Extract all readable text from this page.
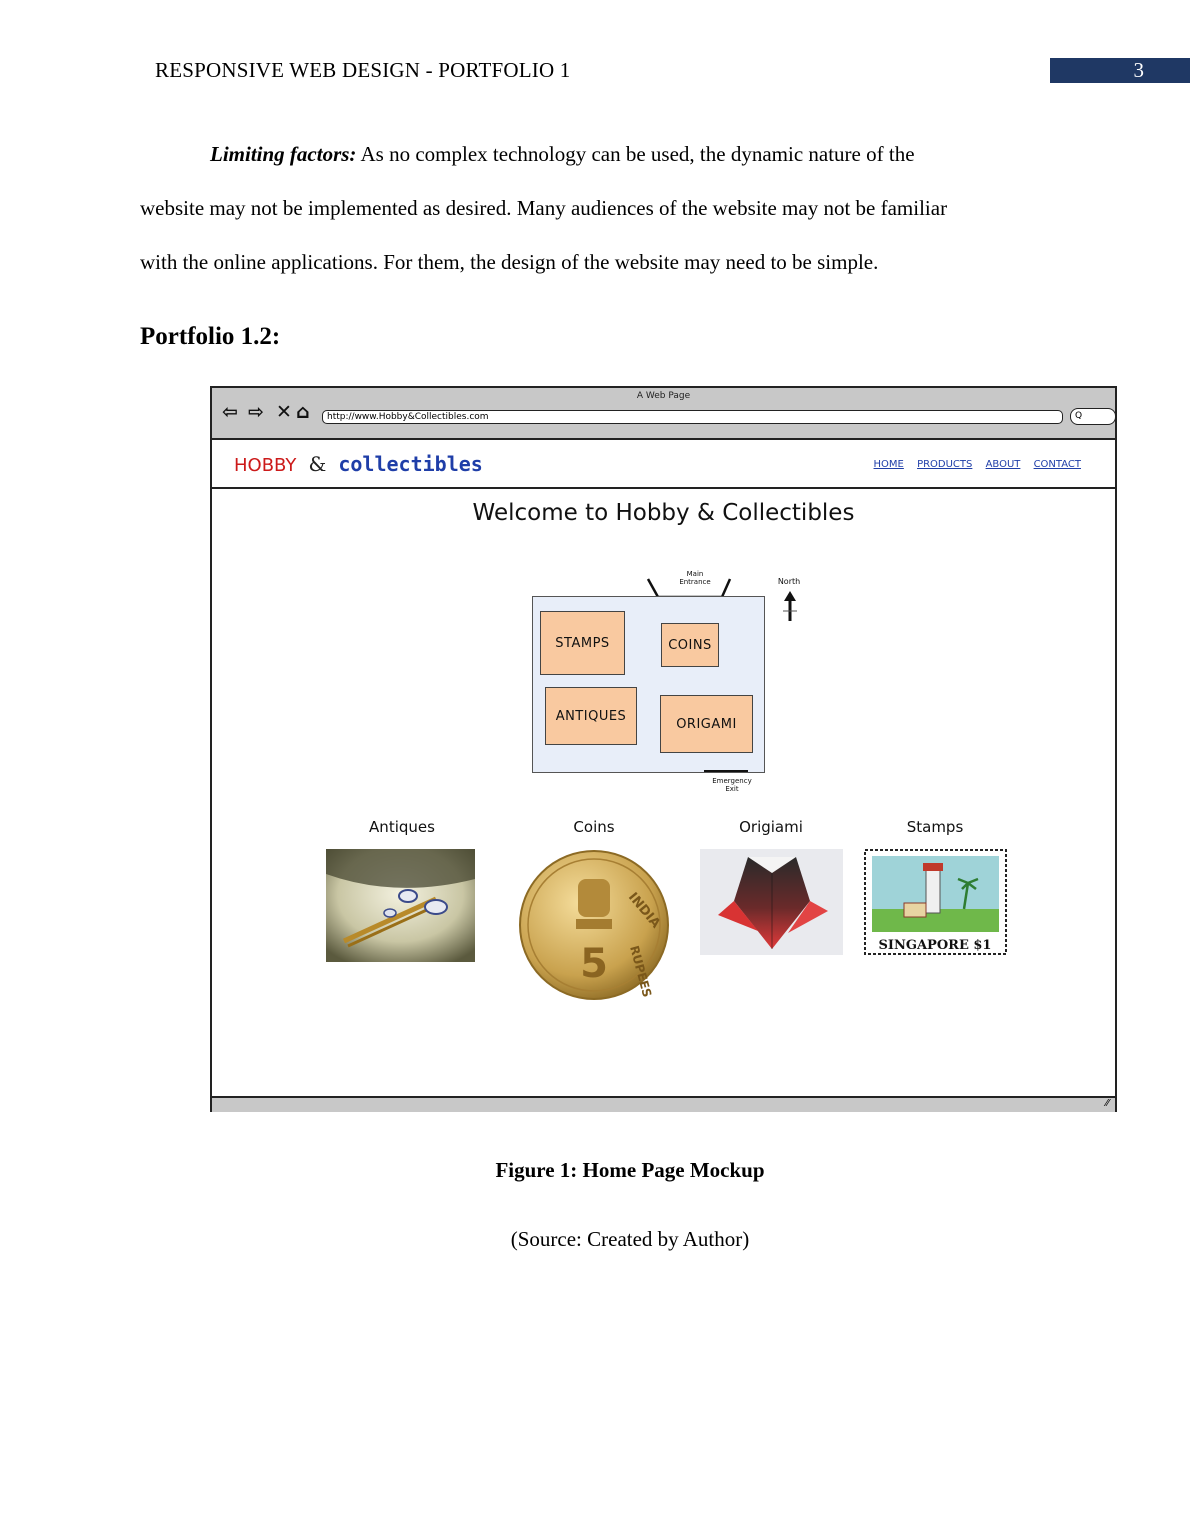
RESPONSIVE WEB DESIGN - PORTFOLIO 1	3
Limiting factors: As no complex technology can be used, the dynamic nature of the
website may not be implemented as desired. Many audiences of the website may not be familiar
with the online applications. For them, the design of the website may need to be simple.
Portfolio 1.2:
A Web Page
⇦ ⇨ ✕ ⌂	http://www.Hobby&Collectibles.com	Q
HOBBY & collectibles	HOME PRODUCTS ABOUT CONTACT
Welcome to Hobby & Collectibles
Main
Entrance	North
STAMPS	COINS
ANTIQUES
ORIGAMI
Emergency
Exit
Antiques	Coins	Origiami	Stamps
5
INDIA
RUPEES	SINGAPORE $1
⁄⁄
Figure 1: Home Page Mockup
(Source: Created by Author)
